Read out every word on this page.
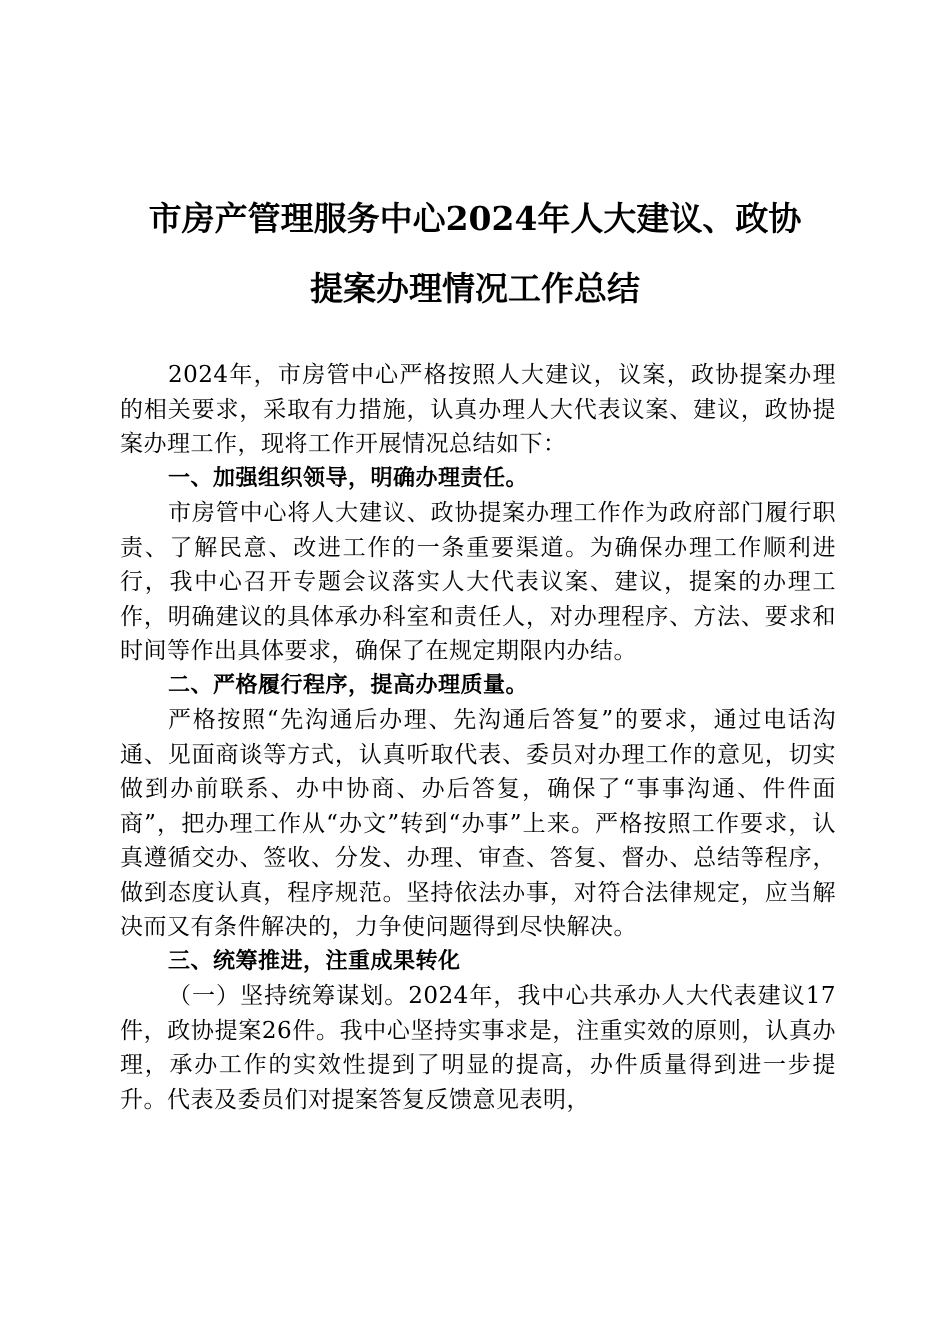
市房产管理服务中心2024年人大建议、政协
提案办理情况工作总结

2024年，市房管中心严格按照人大建议，议案，政协提案办理的相关要求，采取有力措施，认真办理人大代表议案、建议，政协提案办理工作，现将工作开展情况总结如下：

一、加强组织领导，明确办理责任。

市房管中心将人大建议、政协提案办理工作作为政府部门履行职责、了解民意、改进工作的一条重要渠道。为确保办理工作顺利进行，我中心召开专题会议落实人大代表议案、建议，提案的办理工作，明确建议的具体承办科室和责任人，对办理程序、方法、要求和时间等作出具体要求，确保了在规定期限内办结。

二、严格履行程序，提高办理质量。

严格按照“先沟通后办理、先沟通后答复”的要求，通过电话沟通、见面商谈等方式，认真听取代表、委员对办理工作的意见，切实做到办前联系、办中协商、办后答复，确保了“事事沟通、件件面商”，把办理工作从“办文”转到“办事”上来。严格按照工作要求，认真遵循交办、签收、分发、办理、审查、答复、督办、总结等程序，做到态度认真，程序规范。坚持依法办事，对符合法律规定，应当解决而又有条件解决的，力争使问题得到尽快解决。

三、统筹推进，注重成果转化

（一）坚持统筹谋划。2024年，我中心共承办人大代表建议17件，政协提案26件。我中心坚持实事求是，注重实效的原则，认真办理，承办工作的实效性提到了明显的提高，办件质量得到进一步提升。代表及委员们对提案答复反馈意见表明，
